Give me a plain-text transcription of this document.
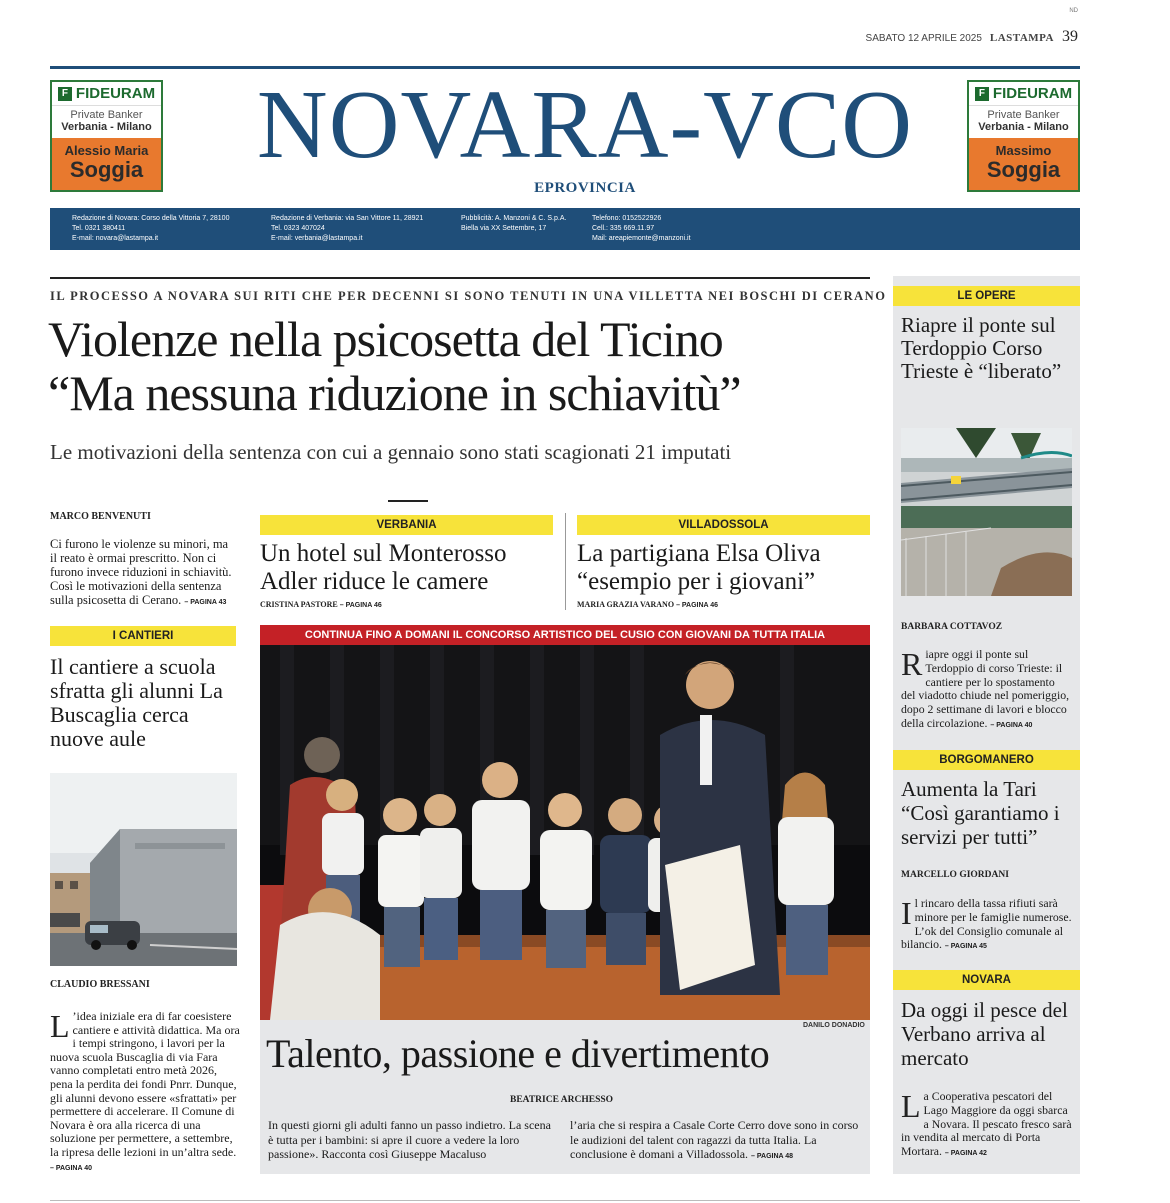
ND
SABATO 12 APRILE 2025 LASTAMPA 39
F FIDEURAM
Private Banker
Verbania - Milano
Alessio Maria
Soggia
F FIDEURAM
Private Banker
Verbania - Milano
Massimo
Soggia
NOVARA-VCO
EPROVINCIA
Redazione di Novara: Corso della Vittoria 7, 28100
Tel. 0321 380411
E-mail: novara@lastampa.it
Redazione di Verbania: via San Vittore 11, 28921
Tel. 0323 407024
E-mail: verbania@lastampa.it
Pubblicità: A. Manzoni & C. S.p.A.
Biella via XX Settembre, 17
Telefono: 0152522926
Cell.: 335 669.11.97
Mail: areapiemonte@manzoni.it
IL PROCESSO A NOVARA SUI RITI CHE PER DECENNI SI SONO TENUTI IN UNA VILLETTA NEI BOSCHI DI CERANO
Violenze nella psicosetta del Ticino
“Ma nessuna riduzione in schiavitù”
Le motivazioni della sentenza con cui a gennaio sono stati scagionati 21 imputati
MARCO BENVENUTI
Ci furono le violenze su minori, ma il reato è ormai prescritto. Non ci furono invece riduzioni in schiavitù. Così le motivazioni della sentenza sulla psicosetta di Cerano. – PAGINA 43
I CANTIERI
Il cantiere a scuola sfratta gli alunni La Buscaglia cerca nuove aule
CLAUDIO BRESSANI
L ’idea iniziale era di far coesistere cantiere e attività didattica. Ma ora i tempi stringono, i lavori per la nuova scuola Buscaglia di via Fara vanno completati entro metà 2026, pena la perdita dei fondi Pnrr. Dunque, gli alunni devono essere «sfrattati» per permettere di accelerare. Il Comune di Novara è ora alla ricerca di una soluzione per permettere, a settembre, la ripresa delle lezioni in un’altra sede. – PAGINA 40
VERBANIA
Un hotel sul Monterosso Adler riduce le camere
CRISTINA PASTORE – PAGINA 46
VILLADOSSOLA
La partigiana Elsa Oliva “esempio per i giovani”
MARIA GRAZIA VARANO – PAGINA 46
CONTINUA FINO A DOMANI IL CONCORSO ARTISTICO DEL CUSIO CON GIOVANI DA TUTTA ITALIA
DANILO DONADIO
Talento, passione e divertimento
BEATRICE ARCHESSO
In questi giorni gli adulti fanno un passo indietro. La scena è tutta per i bambini: si apre il cuore a vedere la loro passione». Racconta così Giuseppe Macaluso
l’aria che si respira a Casale Corte Cerro dove sono in corso le audizioni del talent con ragazzi da tutta Italia. La conclusione è domani a Villadossola. – PAGINA 48
LE OPERE
Riapre il ponte sul Terdoppio Corso Trieste è “liberato”
BARBARA COTTAVOZ
Riapre oggi il ponte sul Terdoppio di corso Trieste: il cantiere per lo spostamento del viadotto chiude nel pomeriggio, dopo 2 settimane di lavori e blocco della circolazione. – PAGINA 40
BORGOMANERO
Aumenta la Tari “Così garantiamo i servizi per tutti”
MARCELLO GIORDANI
Il rincaro della tassa rifiuti sarà minore per le famiglie numerose. L’ok del Consiglio comunale al bilancio. – PAGINA 45
NOVARA
Da oggi il pesce del Verbano arriva al mercato
La Cooperativa pescatori del Lago Maggiore da oggi sbarca a Novara. Il pescato fresco sarà in vendita al mercato di Porta Mortara. – PAGINA 42
